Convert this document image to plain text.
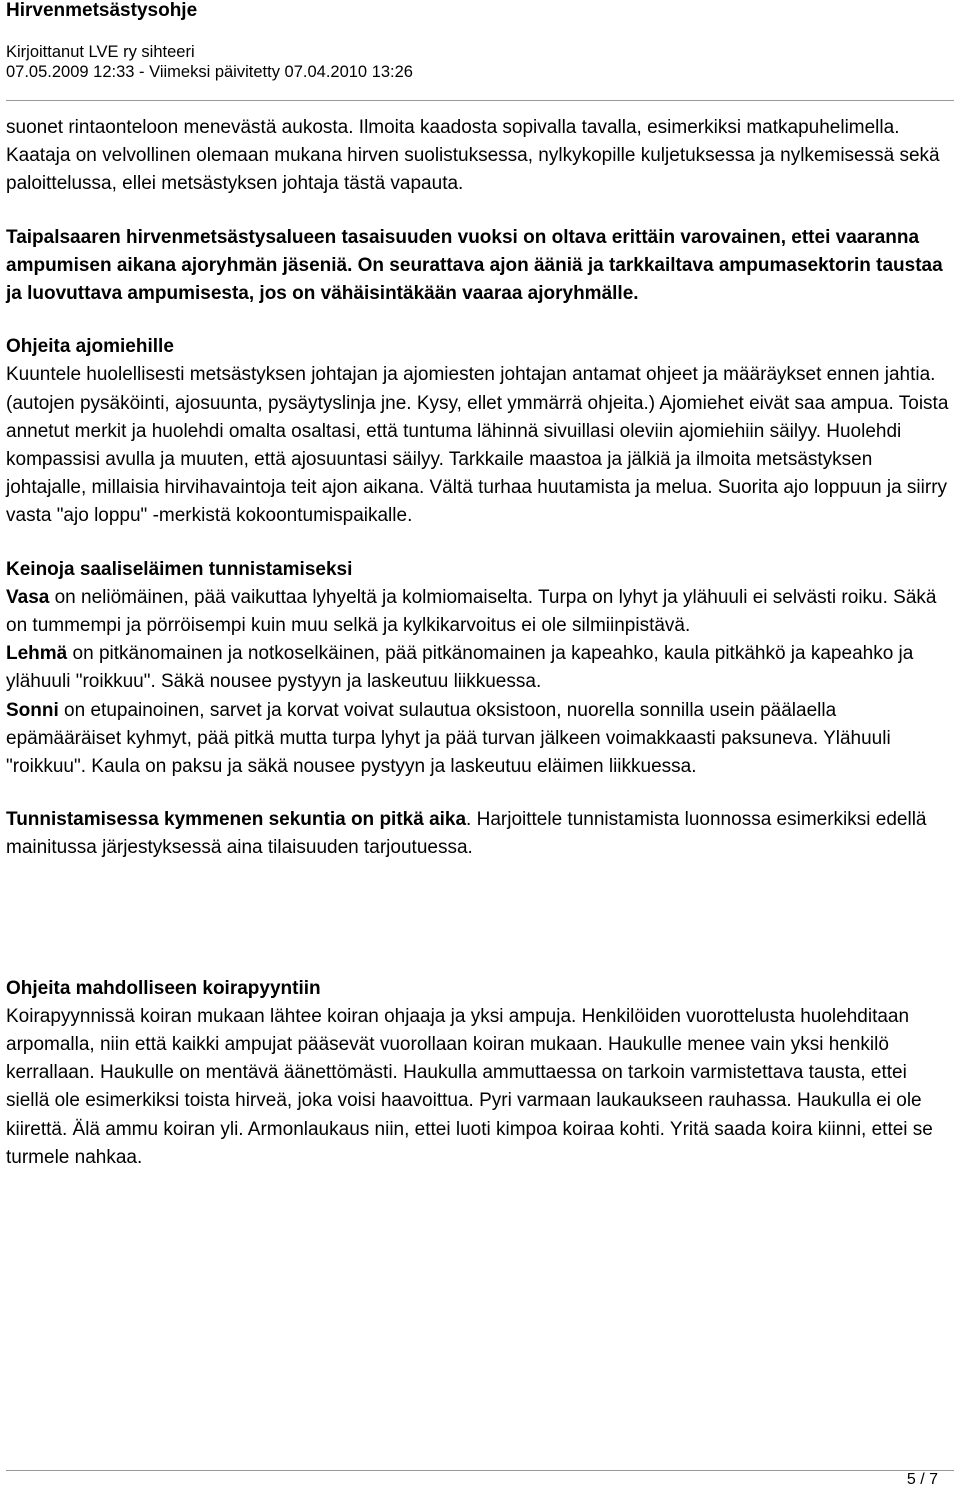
Hirvenmetsästysohje

Kirjoittanut LVE ry sihteeri

07.05.2009 12:33 - Viimeksi päivitetty 07.04.2010 13:26

suonet rintaonteloon menevästä aukosta. Ilmoita kaadosta sopivalla tavalla, esimerkiksi matkapuhelimella. Kaataja on velvollinen olemaan mukana hirven suolistuksessa, nylkykopille kuljetuksessa ja nylkemisessä sekä paloittelussa, ellei metsästyksen johtaja tästä vapauta.

Taipalsaaren hirvenmetsästysalueen tasaisuuden vuoksi on oltava erittäin varovainen, ettei vaaranna ampumisen aikana ajoryhmän jäseniä. On seurattava ajon ääniä ja tarkkailtava ampumasektorin taustaa ja luovuttava ampumisesta, jos on vähäisintäkään vaaraa ajoryhmälle.

Ohjeita ajomiehille

Kuuntele huolellisesti metsästyksen johtajan ja ajomiesten johtajan antamat ohjeet ja määräykset ennen jahtia. (autojen pysäköinti, ajosuunta, pysäytyslinja jne. Kysy, ellet ymmärrä ohjeita.) Ajomiehet eivät saa ampua. Toista annetut merkit ja huolehdi omalta osaltasi, että tuntuma lähinnä sivuillasi oleviin ajomiehiin säilyy. Huolehdi kompassisi avulla ja muuten, että ajosuuntasi säilyy. Tarkkaile maastoa ja jälkiä ja ilmoita metsästyksen johtajalle, millaisia hirvihavaintoja teit ajon aikana. Vältä turhaa huutamista ja melua. Suorita ajo loppuun ja siirry vasta "ajo loppu" -merkistä kokoontumispaikalle.

Keinoja saaliseläimen tunnistamiseksi

Vasa on neliömäinen, pää vaikuttaa lyhyeltä ja kolmiomaiselta. Turpa on lyhyt ja ylähuuli ei selvästi roiku. Säkä on tummempi ja pörröisempi kuin muu selkä ja kylkikarvoitus ei ole silmiinpistävä.

Lehmä on pitkänomainen ja notkoselkäinen, pää pitkänomainen ja kapeahko, kaula pitkähkö ja kapeahko ja ylähuuli "roikkuu". Säkä nousee pystyyn ja laskeutuu liikkuessa.

Sonni on etupainoinen, sarvet ja korvat voivat sulautua oksistoon, nuorella sonnilla usein päälaella epämääräiset kyhmyt, pää pitkä mutta turpa lyhyt ja pää turvan jälkeen voimakkaasti paksuneva. Ylähuuli "roikkuu". Kaula on paksu ja säkä nousee pystyyn ja laskeutuu eläimen liikkuessa.

Tunnistamisessa kymmenen sekuntia on pitkä aika. Harjoittele tunnistamista luonnossa esimerkiksi edellä mainitussa järjestyksessä aina tilaisuuden tarjoutuessa.

Ohjeita mahdolliseen koirapyyntiin

Koirapyynnissä koiran mukaan lähtee koiran ohjaaja ja yksi ampuja. Henkilöiden vuorottelusta huolehditaan arpomalla, niin että kaikki ampujat pääsevät vuorollaan koiran mukaan. Haukulle menee vain yksi henkilö kerrallaan. Haukulle on mentävä äänettömästi. Haukulla ammuttaessa on tarkoin varmistettava tausta, ettei siellä ole esimerkiksi toista hirveä, joka voisi haavoittua. Pyri varmaan laukaukseen rauhassa. Haukulla ei ole kiirettä. Älä ammu koiran yli. Armonlaukaus niin, ettei luoti kimpoa koiraa kohti. Yritä saada koira kiinni, ettei se turmele nahkaa.

5 / 7
